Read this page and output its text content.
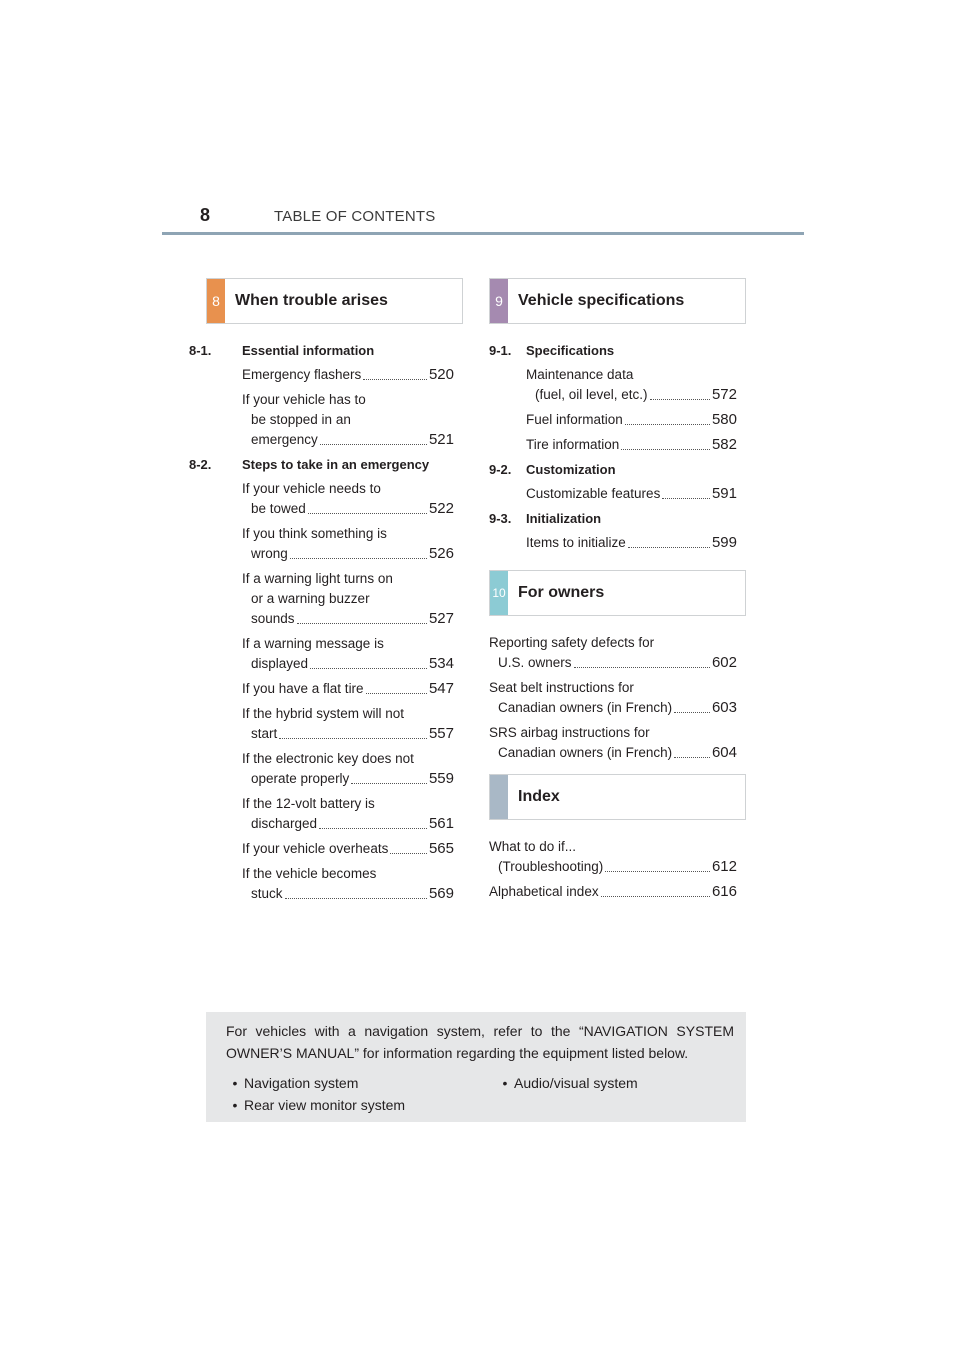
8	TABLE OF CONTENTS
8 When trouble arises	9 Vehicle specifications
8-1.	Essential information
Emergency flashers	520
If your vehicle has to
be stopped in an
emergency	521
8-2.	Steps to take in an emergency
If your vehicle needs to
be towed	522
If you think something is
wrong	526
If a warning light turns on
or a warning buzzer
sounds	527
If a warning message is
displayed	534
If you have a flat tire	547
If the hybrid system will not
start	557
If the electronic key does not
operate properly	559
If the 12-volt battery is
discharged	561
If your vehicle overheats	565
If the vehicle becomes
stuck	569
9-1.	Specifications
Maintenance data
(fuel, oil level, etc.)	572
Fuel information	580
Tire information	582
9-2.	Customization
Customizable features	591
9-3.	Initialization
Items to initialize	599
10 For owners
Reporting safety defects for
U.S. owners	602
Seat belt instructions for
Canadian owners (in French)	603
SRS airbag instructions for
Canadian owners (in French)	604
Index
What to do if...
(Troubleshooting)	612
Alphabetical index	616
For vehicles with a navigation system, refer to the “NAVIGATION SYSTEM OWNER’S MANUAL” for information regarding the equipment listed below.
• Navigation system	• Audio/visual system
• Rear view monitor system
